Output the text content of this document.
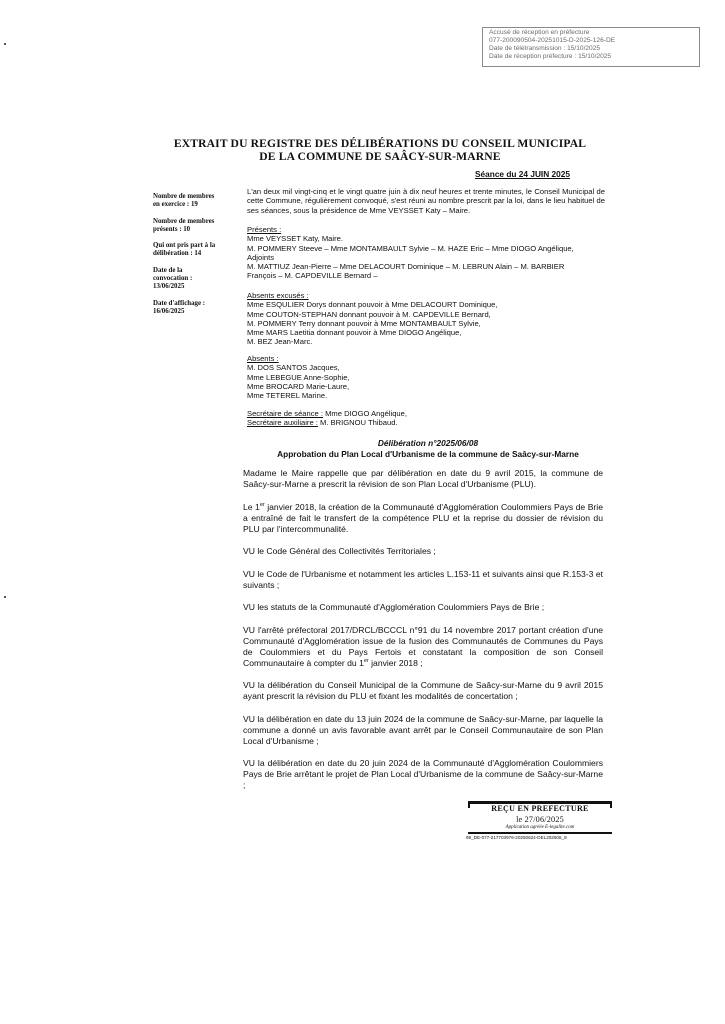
Accusé de réception en préfecture
077-200090504-20251015-D-2025-126-DE
Date de télétransmission : 15/10/2025
Date de réception préfecture : 15/10/2025
EXTRAIT DU REGISTRE DES DÉLIBÉRATIONS DU CONSEIL MUNICIPAL
DE LA COMMUNE DE SAÂCY-SUR-MARNE
Séance du 24 JUIN 2025
Nombre de membres
en exercice : 19
Nombre de membres
présents : 10
Qui ont pris part à la
délibération : 14
Date de la
convocation :
13/06/2025
Date d'affichage :
16/06/2025
L'an deux mil vingt-cinq et le vingt quatre juin à dix neuf heures et trente minutes, le Conseil Municipal de cette Commune, régulièrement convoqué, s'est réuni au nombre prescrit par la loi, dans le lieu habituel de ses séances, sous la présidence de Mme VEYSSET Katy – Maire.
Présents :
Mme VEYSSET Katy, Maire.
M. POMMERY Steeve – Mme MONTAMBAULT Sylvie – M. HAZE Eric – Mme DIOGO Angélique,
Adjoints
M. MATTIUZ Jean-Pierre – Mme DELACOURT Dominique – M. LEBRUN Alain – M. BARBIER
François – M. CAPDEVILLE Bernard –
Absents excusés :
Mme ESQULIER Dorys donnant pouvoir à Mme DELACOURT Dominique,
Mme COUTON-STEPHAN donnant pouvoir à M. CAPDEVILLE Bernard,
M. POMMERY Terry donnant pouvoir à Mme MONTAMBAULT Sylvie,
Mme MARS Laetitia donnant pouvoir à Mme DIOGO Angélique,
M. BEZ Jean-Marc.
Absents :
M. DOS SANTOS Jacques,
Mme LEBEGUE Anne-Sophie,
Mme BROCARD Marie-Laure,
Mme TETEREL Marine.
Secrétaire de séance : Mme DIOGO Angélique,
Secrétaire auxiliaire : M. BRIGNOU Thibaud.
Délibération n°2025/06/08
Approbation du Plan Local d'Urbanisme de la commune de Saâcy-sur-Marne

Madame le Maire rappelle que par délibération en date du 9 avril 2015, la commune de Saâcy-sur-Marne a prescrit la révision de son Plan Local d'Urbanisme (PLU).

Le 1er janvier 2018, la création de la Communauté d'Agglomération Coulommiers Pays de Brie a entraîné de fait le transfert de la compétence PLU et la reprise du dossier de révision du PLU par l'intercommunalité.

VU le Code Général des Collectivités Territoriales ;

VU le Code de l'Urbanisme et notamment les articles L.153-11 et suivants ainsi que R.153-3 et suivants ;

VU les statuts de la Communauté d'Agglomération Coulommiers Pays de Brie ;

VU l'arrêté préfectoral 2017/DRCL/BCCCL n°91 du 14 novembre 2017 portant création d'une Communauté d'Agglomération issue de la fusion des Communautés de Communes du Pays de Coulommiers et du Pays Fertois et constatant la composition de son Conseil Communautaire à compter du 1er janvier 2018 ;

VU la délibération du Conseil Municipal de la Commune de Saâcy-sur-Marne du 9 avril 2015 ayant prescrit la révision du PLU et fixant les modalités de concertation ;

VU la délibération en date du 13 juin 2024 de la commune de Saâcy-sur-Marne, par laquelle la commune a donné un avis favorable avant arrêt par le Conseil Communautaire de son Plan Local d'Urbanisme ;

VU la délibération en date du 20 juin 2024 de la Communauté d'Agglomération Coulommiers Pays de Brie arrêtant le projet de Plan Local d'Urbanisme de la commune de Saâcy-sur-Marne ;

REÇU EN PREFECTURE
le 27/06/2025
Application agréée E-legalite.com
99_DE-077-217703976-20250624-DEL202506_8
